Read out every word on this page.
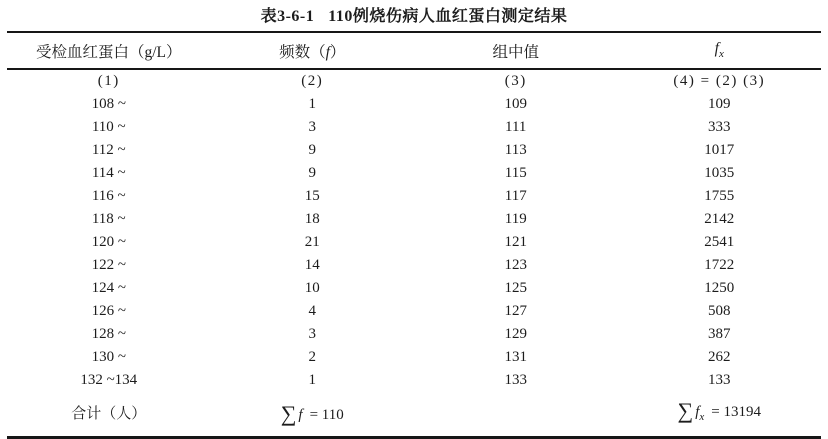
表3-6-1 110例烧伤病人血红蛋白测定结果
受检血红蛋白（g/L）	频数（f）	组中值	$f_x$
(1)	(2)	(3)	(4) = (2) (3)
108 ~	1	109	109
110 ~	3	111	333
112 ~	9	113	1017
114 ~	9	115	1035
116 ~	15	117	1755
118 ~	18	119	2142
120 ~	21	121	2541
122 ~	14	123	1722
124 ~	10	125	1250
126 ~	4	127	508
128 ~	3	129	387
130 ~	2	131	262
132 ~134	1	133	133
合计（人）	∑ f = 110		∑ $f_x = 13194$
